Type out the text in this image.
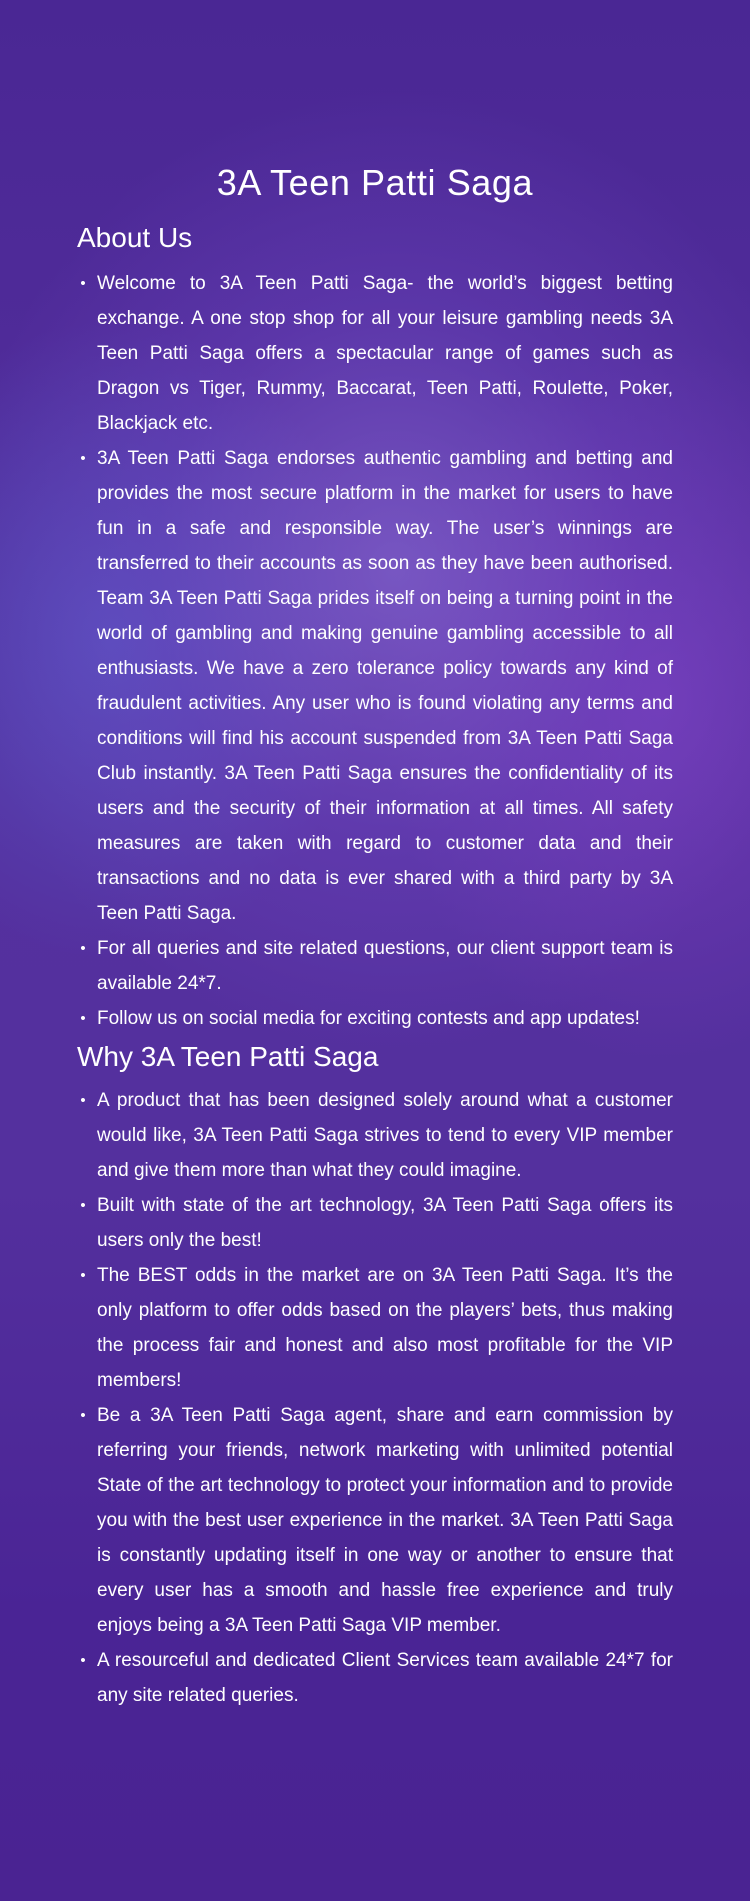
3A Teen Patti Saga
About Us
• Welcome to 3A Teen Patti Saga- the world’s biggest betting exchange. A one stop shop for all your leisure gambling needs 3A Teen Patti Saga offers a spectacular range of games such as Dragon vs Tiger, Rummy, Baccarat, Teen Patti, Roulette, Poker, Blackjack etc.
• 3A Teen Patti Saga endorses authentic gambling and betting and provides the most secure platform in the market for users to have fun in a safe and responsible way. The user’s winnings are transferred to their accounts as soon as they have been authorised. Team 3A Teen Patti Saga prides itself on being a turning point in the world of gambling and making genuine gambling accessible to all enthusiasts. We have a zero tolerance policy towards any kind of fraudulent activities. Any user who is found violating any terms and conditions will find his account suspended from 3A Teen Patti Saga Club instantly. 3A Teen Patti Saga ensures the confidentiality of its users and the security of their information at all times. All safety measures are taken with regard to customer data and their transactions and no data is ever shared with a third party by 3A Teen Patti Saga.
• For all queries and site related questions, our client support team is available 24*7.
• Follow us on social media for exciting contests and app updates!
Why 3A Teen Patti Saga
• A product that has been designed solely around what a customer would like, 3A Teen Patti Saga strives to tend to every VIP member and give them more than what they could imagine.
• Built with state of the art technology, 3A Teen Patti Saga offers its users only the best!
• The BEST odds in the market are on 3A Teen Patti Saga. It’s the only platform to offer odds based on the players’ bets, thus making the process fair and honest and also most profitable for the VIP members!
• Be a 3A Teen Patti Saga agent, share and earn commission by referring your friends, network marketing with unlimited potential State of the art technology to protect your information and to provide you with the best user experience in the market. 3A Teen Patti Saga is constantly updating itself in one way or another to ensure that every user has a smooth and hassle free experience and truly enjoys being a 3A Teen Patti Saga VIP member.
• A resourceful and dedicated Client Services team available 24*7 for any site related queries.
